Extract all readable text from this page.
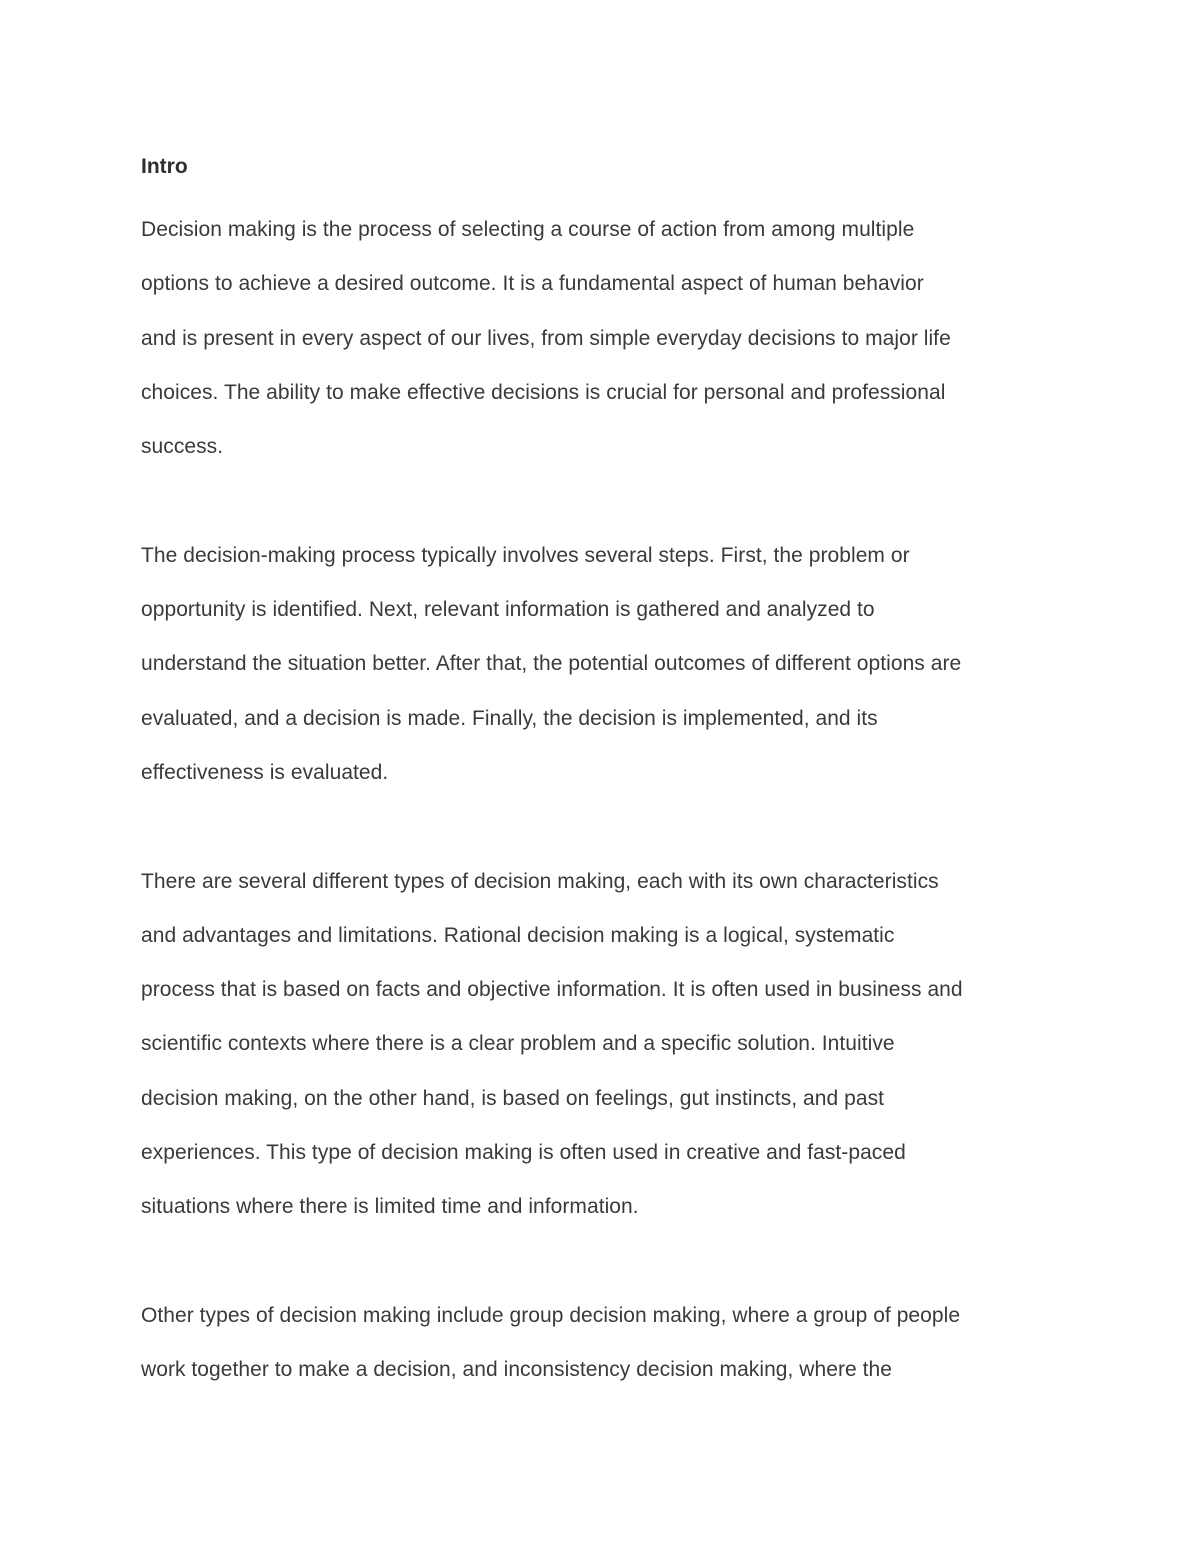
Intro
Decision making is the process of selecting a course of action from among multiple
options to achieve a desired outcome. It is a fundamental aspect of human behavior
and is present in every aspect of our lives, from simple everyday decisions to major life
choices. The ability to make effective decisions is crucial for personal and professional
success.
The decision-making process typically involves several steps. First, the problem or
opportunity is identified. Next, relevant information is gathered and analyzed to
understand the situation better. After that, the potential outcomes of different options are
evaluated, and a decision is made. Finally, the decision is implemented, and its
effectiveness is evaluated.
There are several different types of decision making, each with its own characteristics
and advantages and limitations. Rational decision making is a logical, systematic
process that is based on facts and objective information. It is often used in business and
scientific contexts where there is a clear problem and a specific solution. Intuitive
decision making, on the other hand, is based on feelings, gut instincts, and past
experiences. This type of decision making is often used in creative and fast-paced
situations where there is limited time and information.
Other types of decision making include group decision making, where a group of people
work together to make a decision, and inconsistency decision making, where the
